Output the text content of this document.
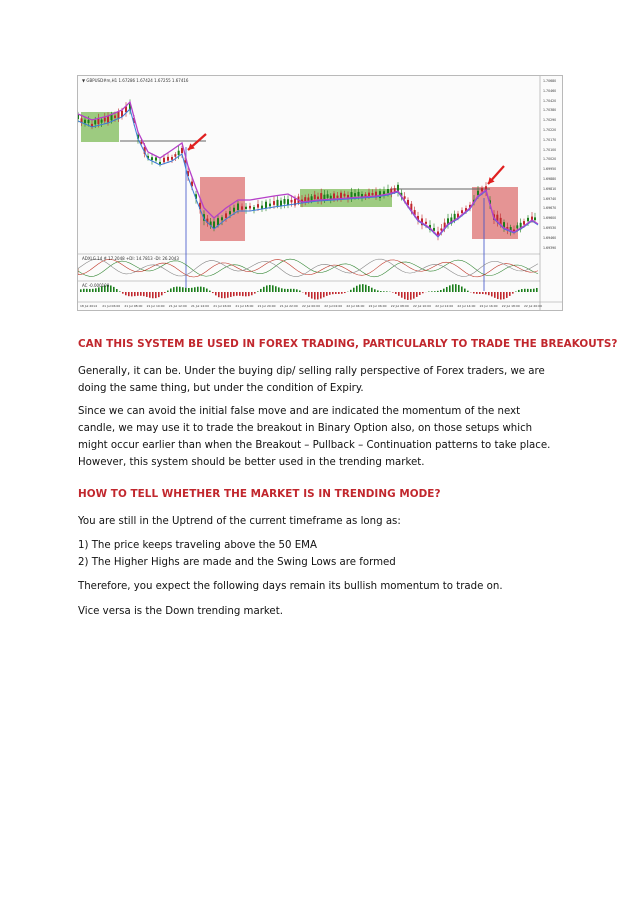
▼ GBPUSD#m,H1 1.67286 1.67424 1.67255 1.67416
ADXLG 14 # 17.2048 +DI: 14.7813 -DI: 26.2043
AC -0.000100
1.70680
1.70460
1.70420
1.70380
1.70290
1.70220
1.70170
1.70100
1.70020
1.69950
1.69880
1.69810
1.69740
1.69670
1.69600
1.69530
1.69460
1.69390
18 Jul 2014 21 Jul 06:00 21 Jul 08:00 21 Jul 10:00 21 Jul 12:00 21 Jul 14:00 21 Jul 16:00 21 Jul 18:00 21 Jul 20:00 21 Jul 22:00 22 Jul 00:00 22 Jul 02:00 22 Jul 04:00 22 Jul 06:00 22 Jul 08:00 22 Jul 10:00 22 Jul 12:00 22 Jul 14:00 22 Jul 16:00 22 Jul 18:00 22 Jul 20:00
CAN THIS SYSTEM BE USED IN FOREX TRADING, PARTICULARLY TO TRADE THE BREAKOUTS?

Generally, it can be. Under the buying dip/ selling rally perspective of Forex traders, we are doing the same thing, but under the condition of Expiry.

Since we can avoid the initial false move and are indicated the momentum of the next candle, we may use it to trade the breakout in Binary Option also, on those setups which might occur earlier than when the Breakout – Pullback – Continuation patterns to take place. However, this system should be better used in the trending market.

HOW TO TELL WHETHER THE MARKET IS IN TRENDING MODE?

You are still in the Uptrend of the current timeframe as long as:

1) The price keeps traveling above the 50 EMA

2) The Higher Highs are made and the Swing Lows are formed

Therefore, you expect the following days remain its bullish momentum to trade on.

Vice versa is the Down trending market.
